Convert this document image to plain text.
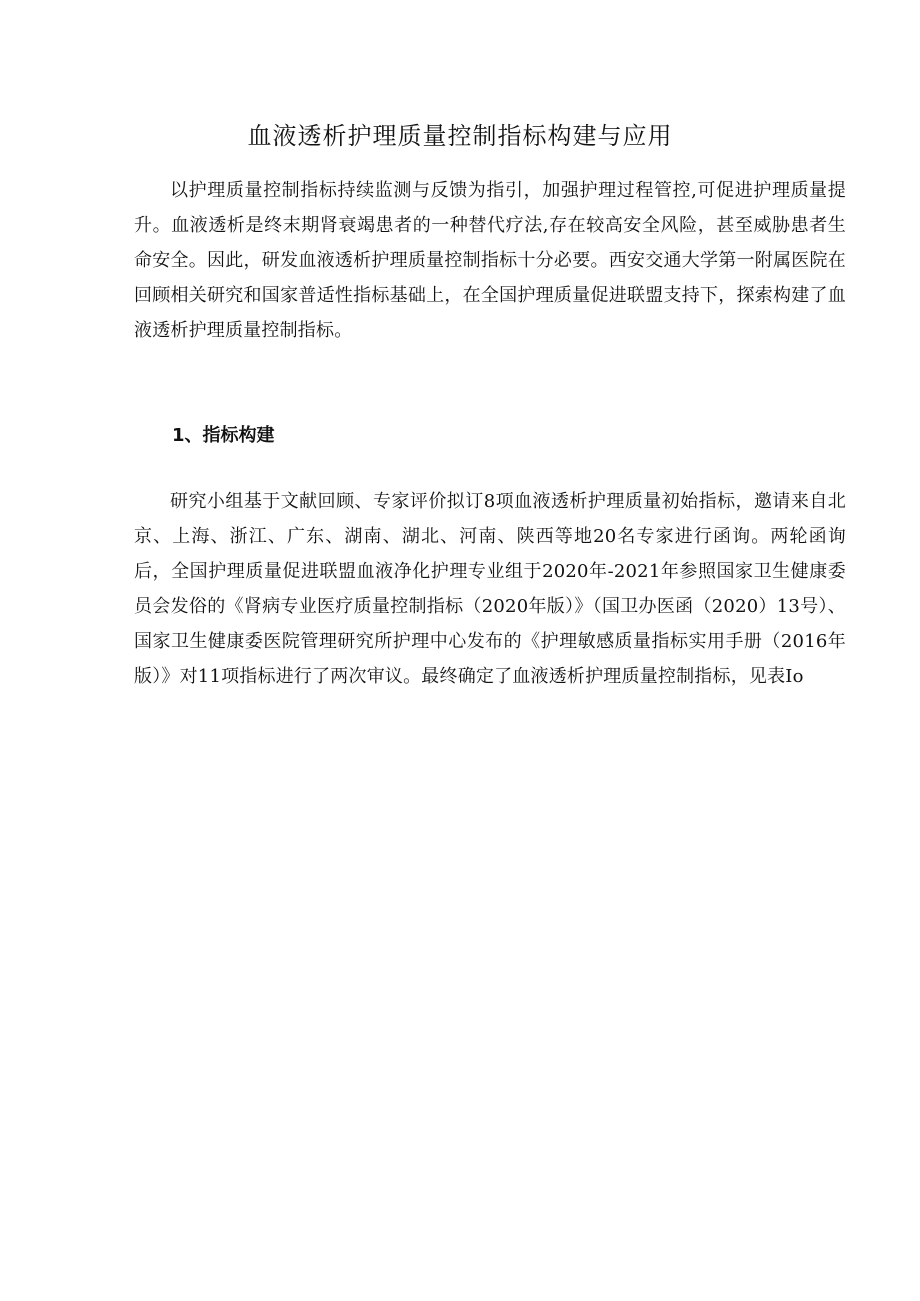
血液透析护理质量控制指标构建与应用

以护理质量控制指标持续监测与反馈为指引，加强护理过程管控,可促进护理质量提升。血液透析是终末期肾衰竭患者的一种替代疗法,存在较高安全风险，甚至威胁患者生命安全。因此，研发血液透析护理质量控制指标十分必要。西安交通大学第一附属医院在回顾相关研究和国家普适性指标基础上，在全国护理质量促进联盟支持下，探索构建了血液透析护理质量控制指标。

1、指标构建

研究小组基于文献回顾、专家评价拟订8项血液透析护理质量初始指标，邀请来自北京、上海、浙江、广东、湖南、湖北、河南、陕西等地20名专家进行函询。两轮函询后，全国护理质量促进联盟血液净化护理专业组于2020年-2021年参照国家卫生健康委员会发俗的《肾病专业医疗质量控制指标（2020年版）》（国卫办医函（2020）13号）、国家卫生健康委医院管理研究所护理中心发布的《护理敏感质量指标实用手册（2016年版）》对11项指标进行了两次审议。最终确定了血液透析护理质量控制指标，见表Io
